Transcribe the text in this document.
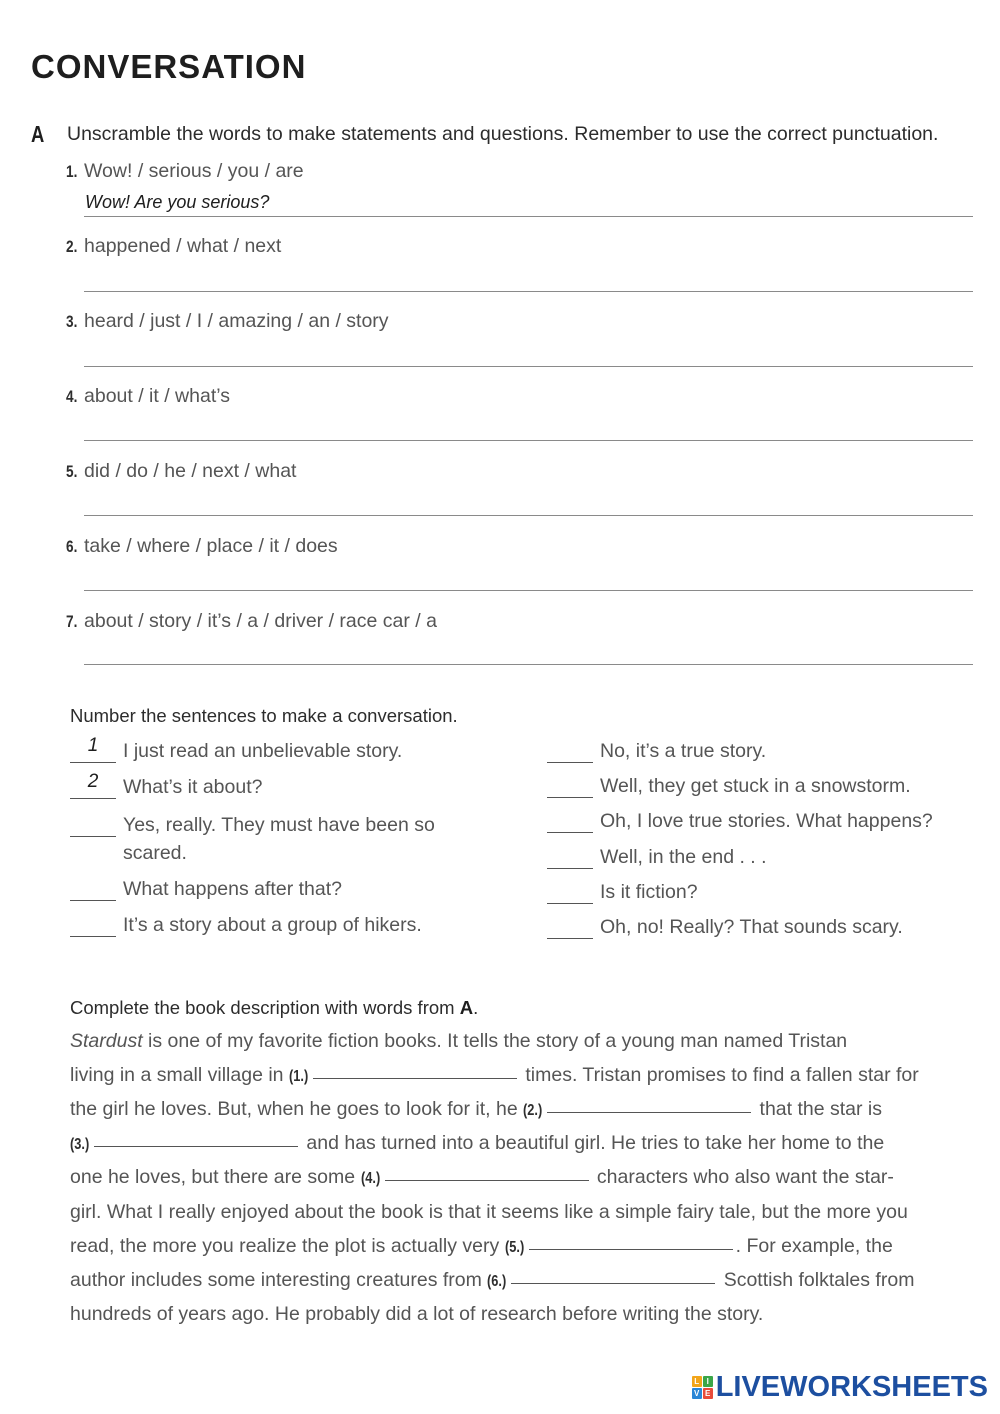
CONVERSATION
A Unscramble the words to make statements and questions. Remember to use the correct punctuation.
1. Wow! / serious / you / are
Wow! Are you serious?
2. happened / what / next
3. heard / just / I / amazing / an / story
4. about / it / what’s
5. did / do / he / next / what
6. take / where / place / it / does
7. about / story / it’s / a / driver / race car / a
Number the sentences to make a conversation.
1 I just read an unbelievable story.
2 What’s it about?
Yes, really. They must have been so
scared.
What happens after that?
It’s a story about a group of hikers.
No, it’s a true story.
Well, they get stuck in a snowstorm.
Oh, I love true stories. What happens?
Well, in the end . . .
Is it fiction?
Oh, no! Really? That sounds scary.
Complete the book description with words from A.
Stardust is one of my favorite fiction books. It tells the story of a young man named Tristan
living in a small village in (1.)	times. Tristan promises to find a fallen star for
the girl he loves. But, when he goes to look for it, he (2.)	that the star is
(3.)	and has turned into a beautiful girl. He tries to take her home to the
one he loves, but there are some (4.)	characters who also want the star-
girl. What I really enjoyed about the book is that it seems like a simple fairy tale, but the more you
read, the more you realize the plot is actually very (5.)	. For example, the
author includes some interesting creatures from (6.)	Scottish folktales from
hundreds of years ago. He probably did a lot of research before writing the story.
L I
V E LIVEWORKSHEETS
